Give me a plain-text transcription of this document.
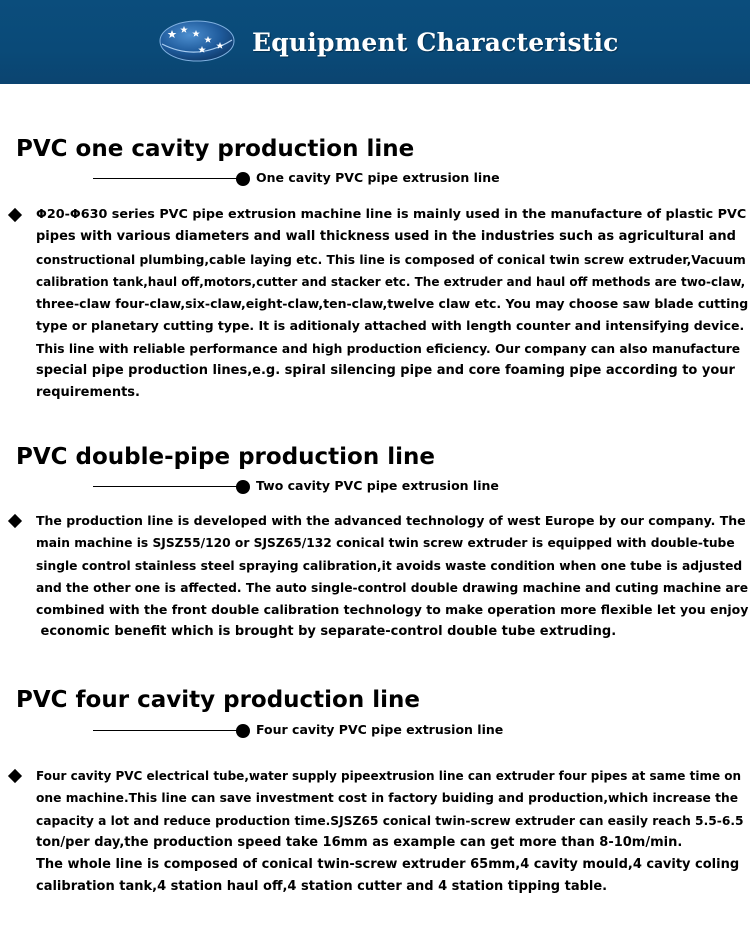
Equipment Characteristic
PVC one cavity production line
One cavity PVC pipe extrusion line
Φ20-Φ630 series PVC pipe extrusion machine line is mainly used in the manufacture of plastic PVC
pipes with various diameters and wall thickness used in the industries such as agricultural and
constructional plumbing,cable laying etc. This line is composed of conical twin screw extruder,Vacuum
calibration tank,haul off,motors,cutter and stacker etc. The extruder and haul off methods are two-claw,
three-claw four-claw,six-claw,eight-claw,ten-claw,twelve claw etc. You may choose saw blade cutting
type or planetary cutting type. It is aditionaly attached with length counter and intensifying device.
This line with reliable performance and high production eficiency. Our company can also manufacture
special pipe production lines,e.g. spiral silencing pipe and core foaming pipe according to your
requirements.
PVC double-pipe production line
Two cavity PVC pipe extrusion line
The production line is developed with the advanced technology of west Europe by our company. The
main machine is SJSZ55/120 or SJSZ65/132 conical twin screw extruder is equipped with double-tube
single control stainless steel spraying calibration,it avoids waste condition when one tube is adjusted
and the other one is affected. The auto single-control double drawing machine and cuting machine are
combined with the front double calibration technology to make operation more flexible let you enjoy
economic benefit which is brought by separate-control double tube extruding.
PVC four cavity production line
Four cavity PVC pipe extrusion line
Four cavity PVC electrical tube,water supply pipeextrusion line can extruder four pipes at same time on
one machine.This line can save investment cost in factory buiding and production,which increase the
capacity a lot and reduce production time.SJSZ65 conical twin-screw extruder can easily reach 5.5-6.5
ton/per day,the production speed take 16mm as example can get more than 8-10m/min.
The whole line is composed of conical twin-screw extruder 65mm,4 cavity mould,4 cavity coling
calibration tank,4 station haul off,4 station cutter and 4 station tipping table.
